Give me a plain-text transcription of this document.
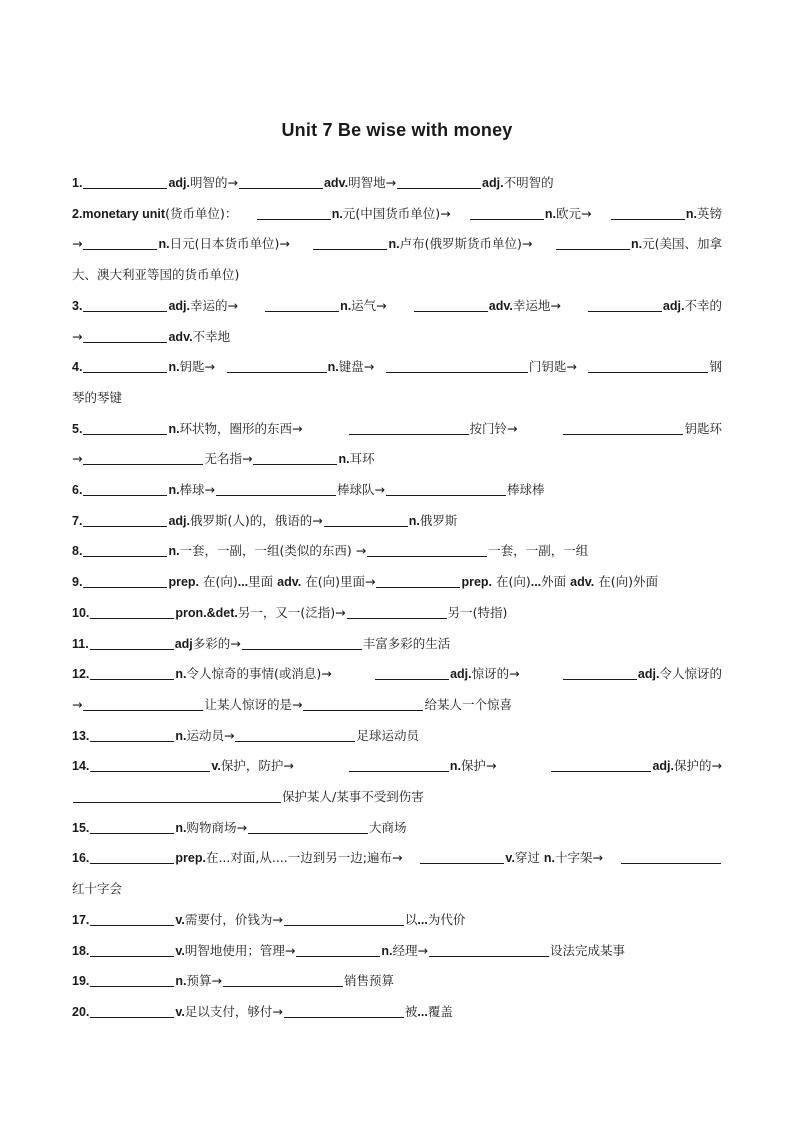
Unit 7 Be wise with money
1.	adj.明智的→	adv.明智地→	adj.不明智的
2.monetary unit(货币单位)：	n.元(中国货币单位)→	n.欧元→	n.英镑
→	n.日元(日本货币单位)→	n.卢布(俄罗斯货币单位)→	n.元(美国、加拿
大、澳大利亚等国的货币单位)
3.	adj.幸运的→	n.运气→	adv.幸运地→	adj.不幸的
→	adv.不幸地
4.	n.钥匙→	n.键盘→	门钥匙→	钢
琴的琴键
5.	n.环状物，圈形的东西→	按门铃→	钥匙环
→	无名指→	n.耳环
6.	n.棒球→	棒球队→	棒球棒
7.	adj.俄罗斯(人)的，俄语的→	n.俄罗斯
8.	n.一套，一副，一组(类似的东西) →	一套，一副，一组
9.	prep. 在(向)...里面 adv. 在(向)里面→	prep. 在(向)...外面 adv. 在(向)外面
10.	pron.&det.另一，又一(泛指)→	另一(特指)
11.	adj多彩的→	丰富多彩的生活
12.	n.令人惊奇的事情(或消息)→	adj.惊讶的→	adj.令人惊讶的
→	让某人惊讶的是→	给某人一个惊喜
13.	n.运动员→	足球运动员
14.	v.保护，防护→	n.保护→	adj.保护的→
保护某人/某事不受到伤害
15.	n.购物商场→	大商场
16.	prep.在...对面,从....一边到另一边;遍布→	v.穿过 n.十字架→
红十字会
17.	v.需要付，价钱为→	以...为代价
18.	v.明智地使用；管理→	n.经理→	设法完成某事
19.	n.预算→	销售预算
20.	v.足以支付，够付→	被...覆盖
